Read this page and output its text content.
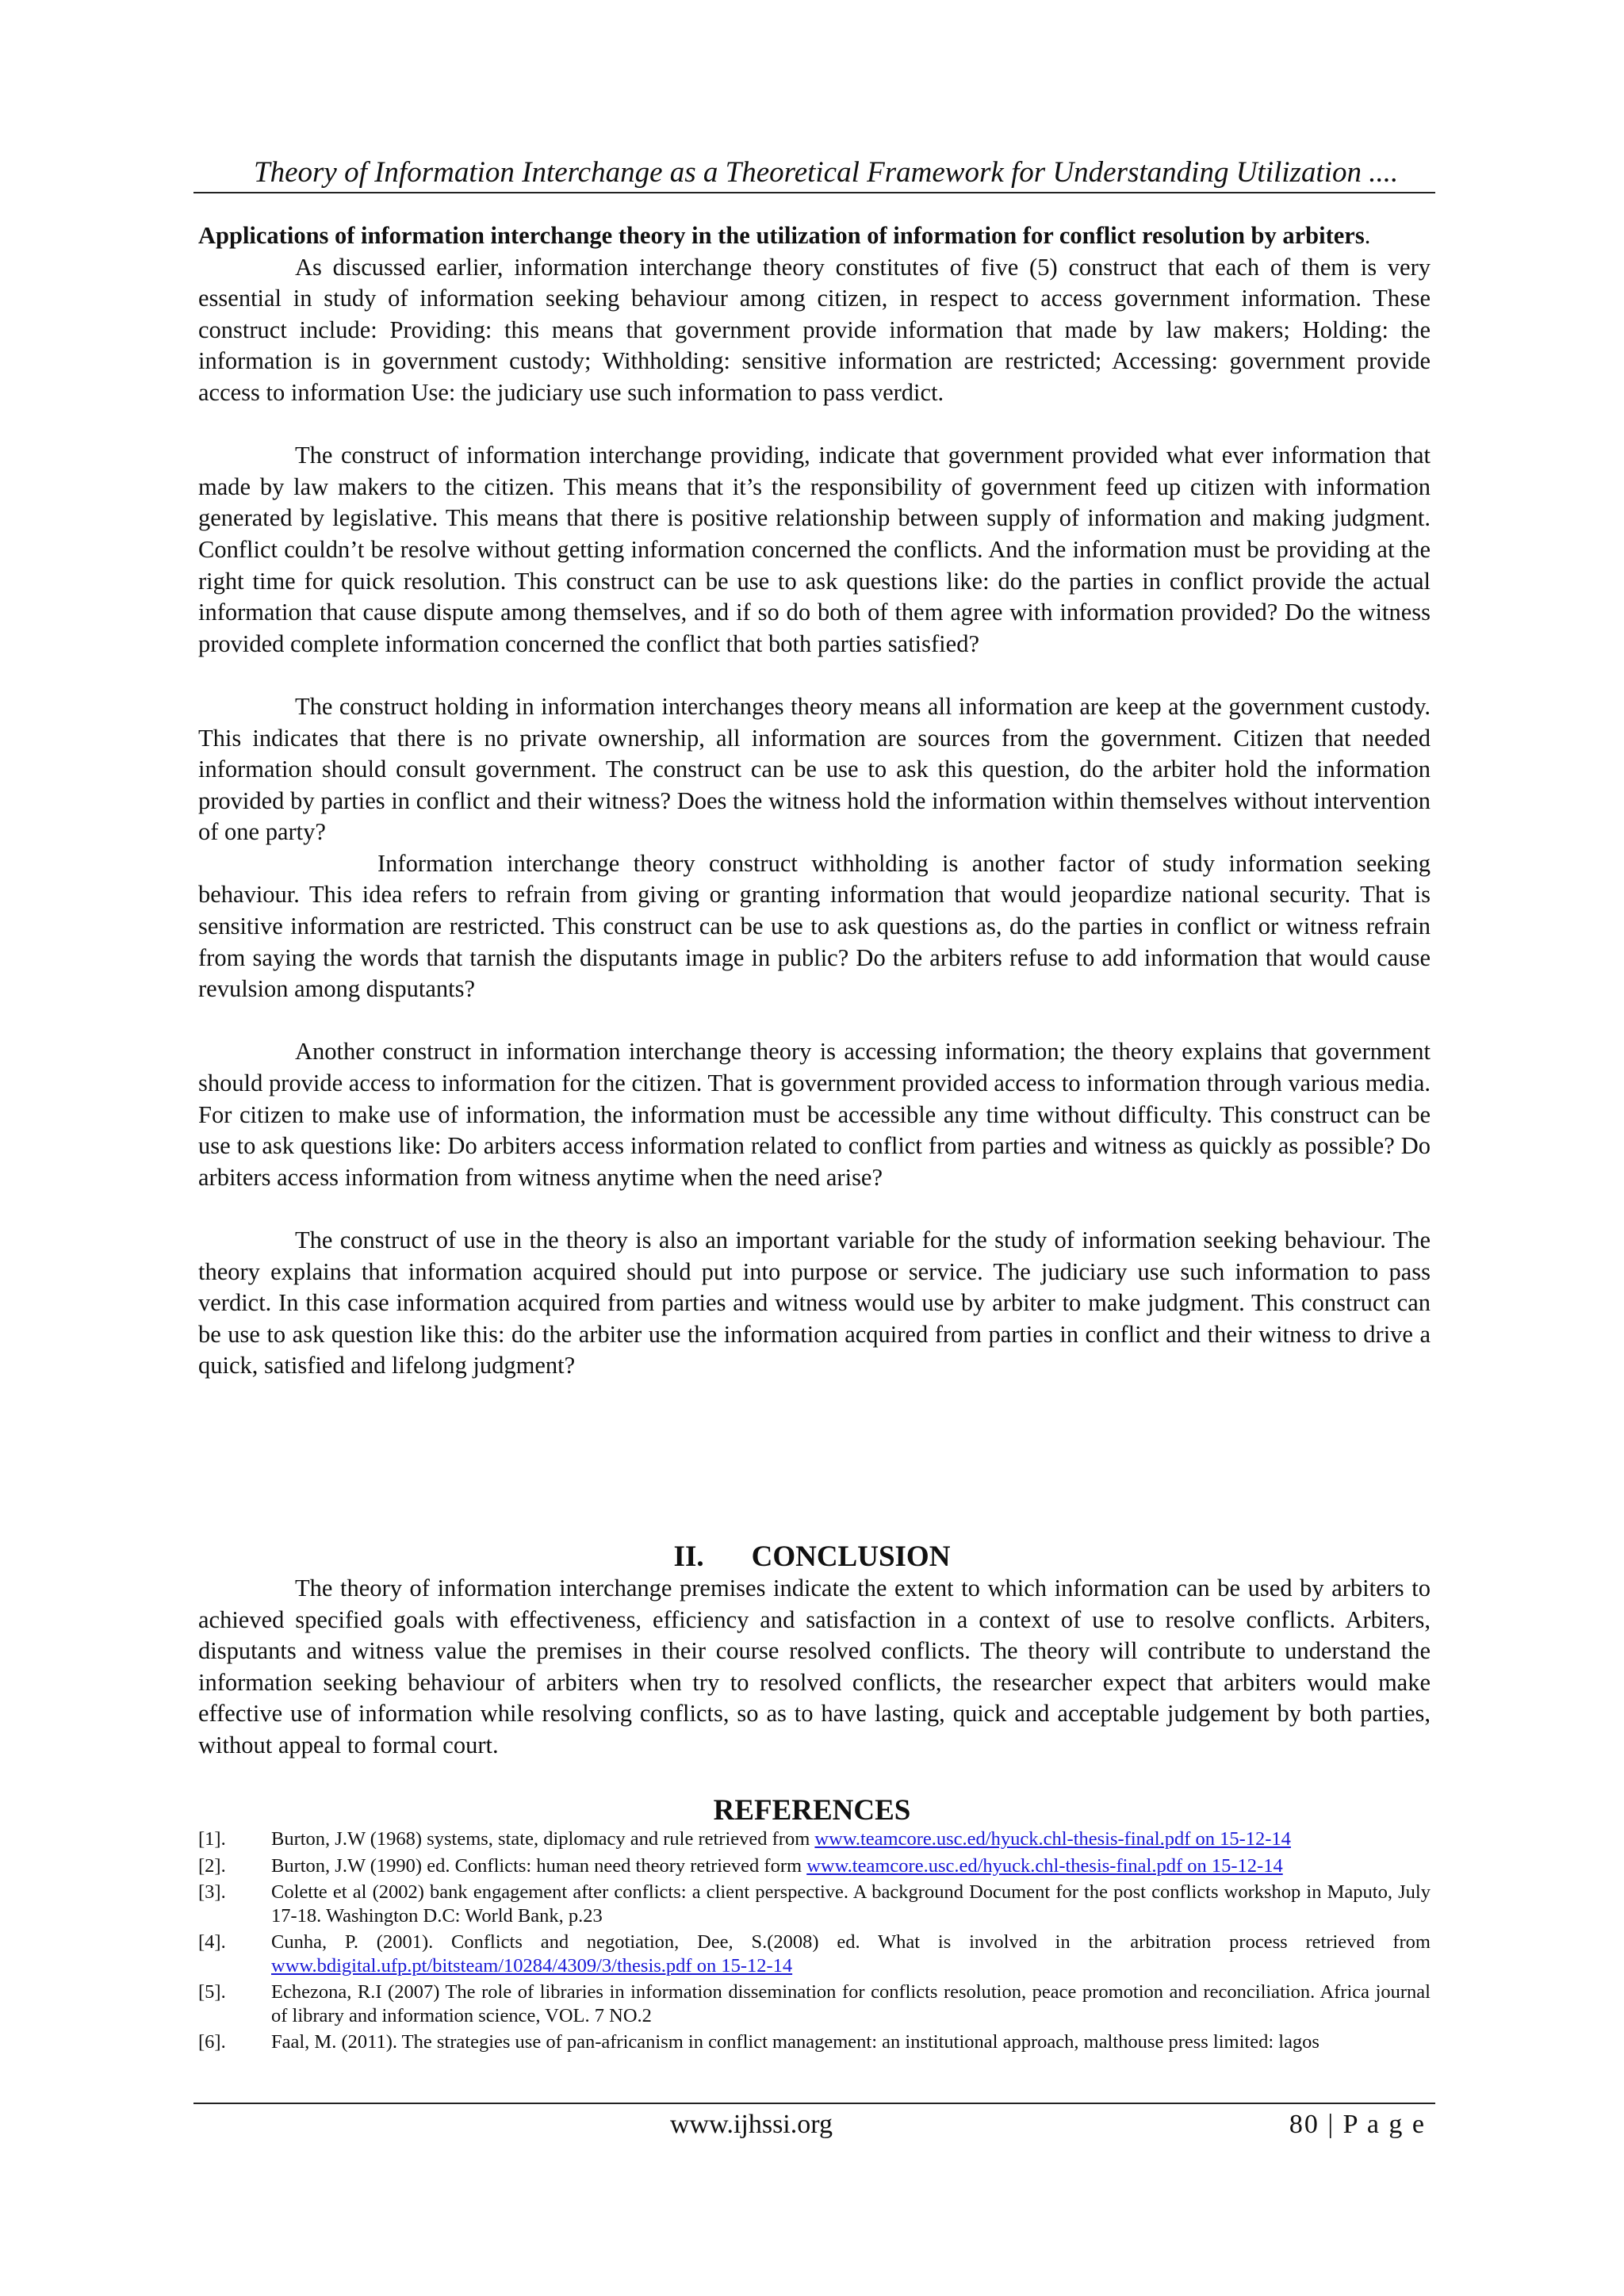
Theory of Information Interchange as a Theoretical Framework for Understanding Utilization ....

Applications of information interchange theory in the utilization of information for conflict resolution by arbiters.

As discussed earlier, information interchange theory constitutes of five (5) construct that each of them is very essential in study of information seeking behaviour among citizen, in respect to access government information. These construct include: Providing: this means that government provide information that made by law makers; Holding: the information is in government custody; Withholding: sensitive information are restricted; Accessing: government provide access to information Use: the judiciary use such information to pass verdict.

The construct of information interchange providing, indicate that government provided what ever information that made by law makers to the citizen. This means that it’s the responsibility of government feed up citizen with information generated by legislative. This means that there is positive relationship between supply of information and making judgment. Conflict couldn’t be resolve without getting information concerned the conflicts. And the information must be providing at the right time for quick resolution. This construct can be use to ask questions like: do the parties in conflict provide the actual information that cause dispute among themselves, and if so do both of them agree with information provided? Do the witness provided complete information concerned the conflict that both parties satisfied?

The construct holding in information interchanges theory means all information are keep at the government custody. This indicates that there is no private ownership, all information are sources from the government. Citizen that needed information should consult government. The construct can be use to ask this question, do the arbiter hold the information provided by parties in conflict and their witness? Does the witness hold the information within themselves without intervention of one party?

Information interchange theory construct withholding is another factor of study information seeking behaviour. This idea refers to refrain from giving or granting information that would jeopardize national security. That is sensitive information are restricted. This construct can be use to ask questions as, do the parties in conflict or witness refrain from saying the words that tarnish the disputants image in public? Do the arbiters refuse to add information that would cause revulsion among disputants?

Another construct in information interchange theory is accessing information; the theory explains that government should provide access to information for the citizen. That is government provided access to information through various media. For citizen to make use of information, the information must be accessible any time without difficulty. This construct can be use to ask questions like: Do arbiters access information related to conflict from parties and witness as quickly as possible? Do arbiters access information from witness anytime when the need arise?

The construct of use in the theory is also an important variable for the study of information seeking behaviour. The theory explains that information acquired should put into purpose or service. The judiciary use such information to pass verdict. In this case information acquired from parties and witness would use by arbiter to make judgment. This construct can be use to ask question like this: do the arbiter use the information acquired from parties in conflict and their witness to drive a quick, satisfied and lifelong judgment?

II. CONCLUSION

The theory of information interchange premises indicate the extent to which information can be used by arbiters to achieved specified goals with effectiveness, efficiency and satisfaction in a context of use to resolve conflicts. Arbiters, disputants and witness value the premises in their course resolved conflicts. The theory will contribute to understand the information seeking behaviour of arbiters when try to resolved conflicts, the researcher expect that arbiters would make effective use of information while resolving conflicts, so as to have lasting, quick and acceptable judgement by both parties, without appeal to formal court.

REFERENCES
[1].	Burton, J.W (1968) systems, state, diplomacy and rule retrieved from www.teamcore.usc.ed/hyuck.chl-thesis-final.pdf on 15-12-14
[2].	Burton, J.W (1990) ed. Conflicts: human need theory retrieved form www.teamcore.usc.ed/hyuck.chl-thesis-final.pdf on 15-12-14
[3].	Colette et al (2002) bank engagement after conflicts: a client perspective. A background Document for the post conflicts workshop in Maputo, July 17-18. Washington D.C: World Bank, p.23
[4].	Cunha, P. (2001). Conflicts and negotiation, Dee, S.(2008) ed. What is involved in the arbitration process retrieved from www.bdigital.ufp.pt/bitsteam/10284/4309/3/thesis.pdf on 15-12-14
[5].	Echezona, R.I (2007) The role of libraries in information dissemination for conflicts resolution, peace promotion and reconciliation. Africa journal of library and information science, VOL. 7 NO.2
[6].	Faal, M. (2011). The strategies use of pan-africanism in conflict management: an institutional approach, malthouse press limited: lagos
www.ijhssi.org	80 | P a g e
